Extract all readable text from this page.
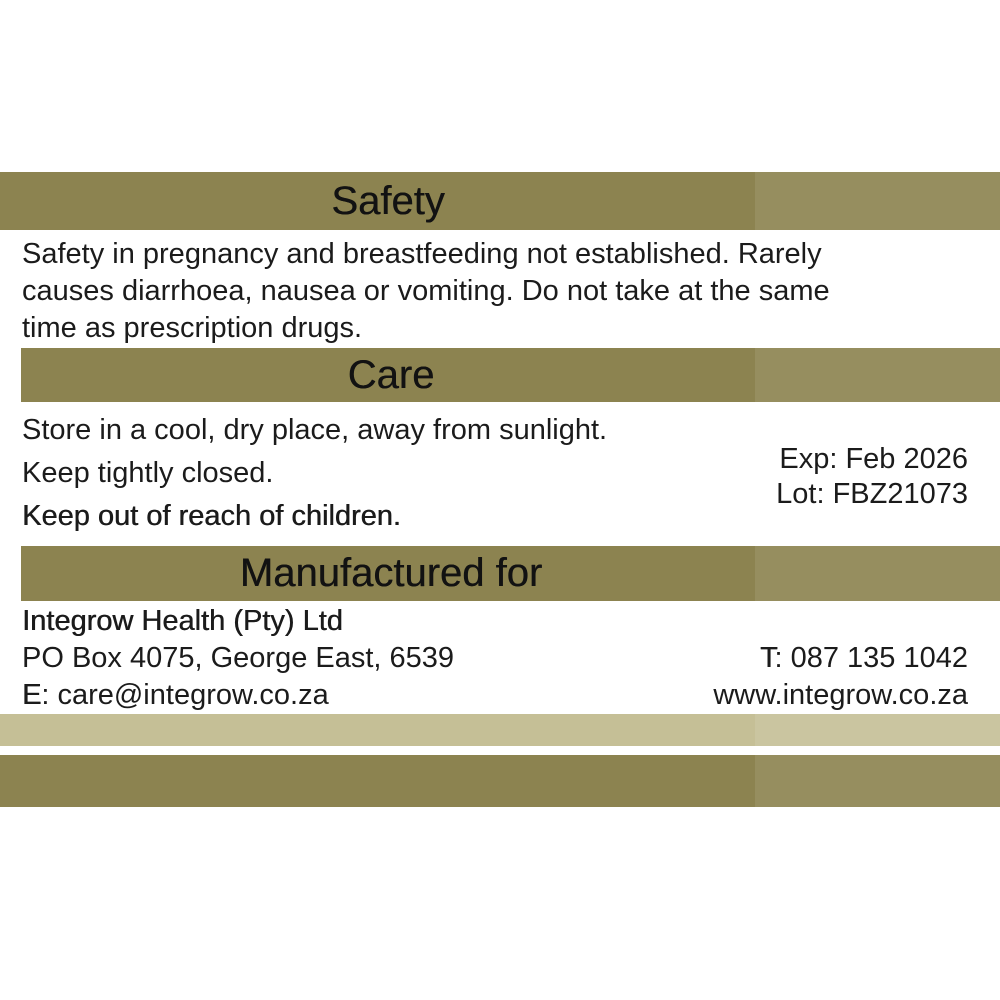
Safety
Safety in pregnancy and breastfeeding not established. Rarely
causes diarrhoea, nausea or vomiting. Do not take at the same
time as prescription drugs.
Care
Store in a cool, dry place, away from sunlight.
Keep tightly closed.
Keep out of reach of children.
Exp: Feb 2026
Lot: FBZ21073
Manufactured for
Integrow Health (Pty) Ltd
PO Box 4075, George East, 6539
E: care@integrow.co.za
T: 087 135 1042
www.integrow.co.za
